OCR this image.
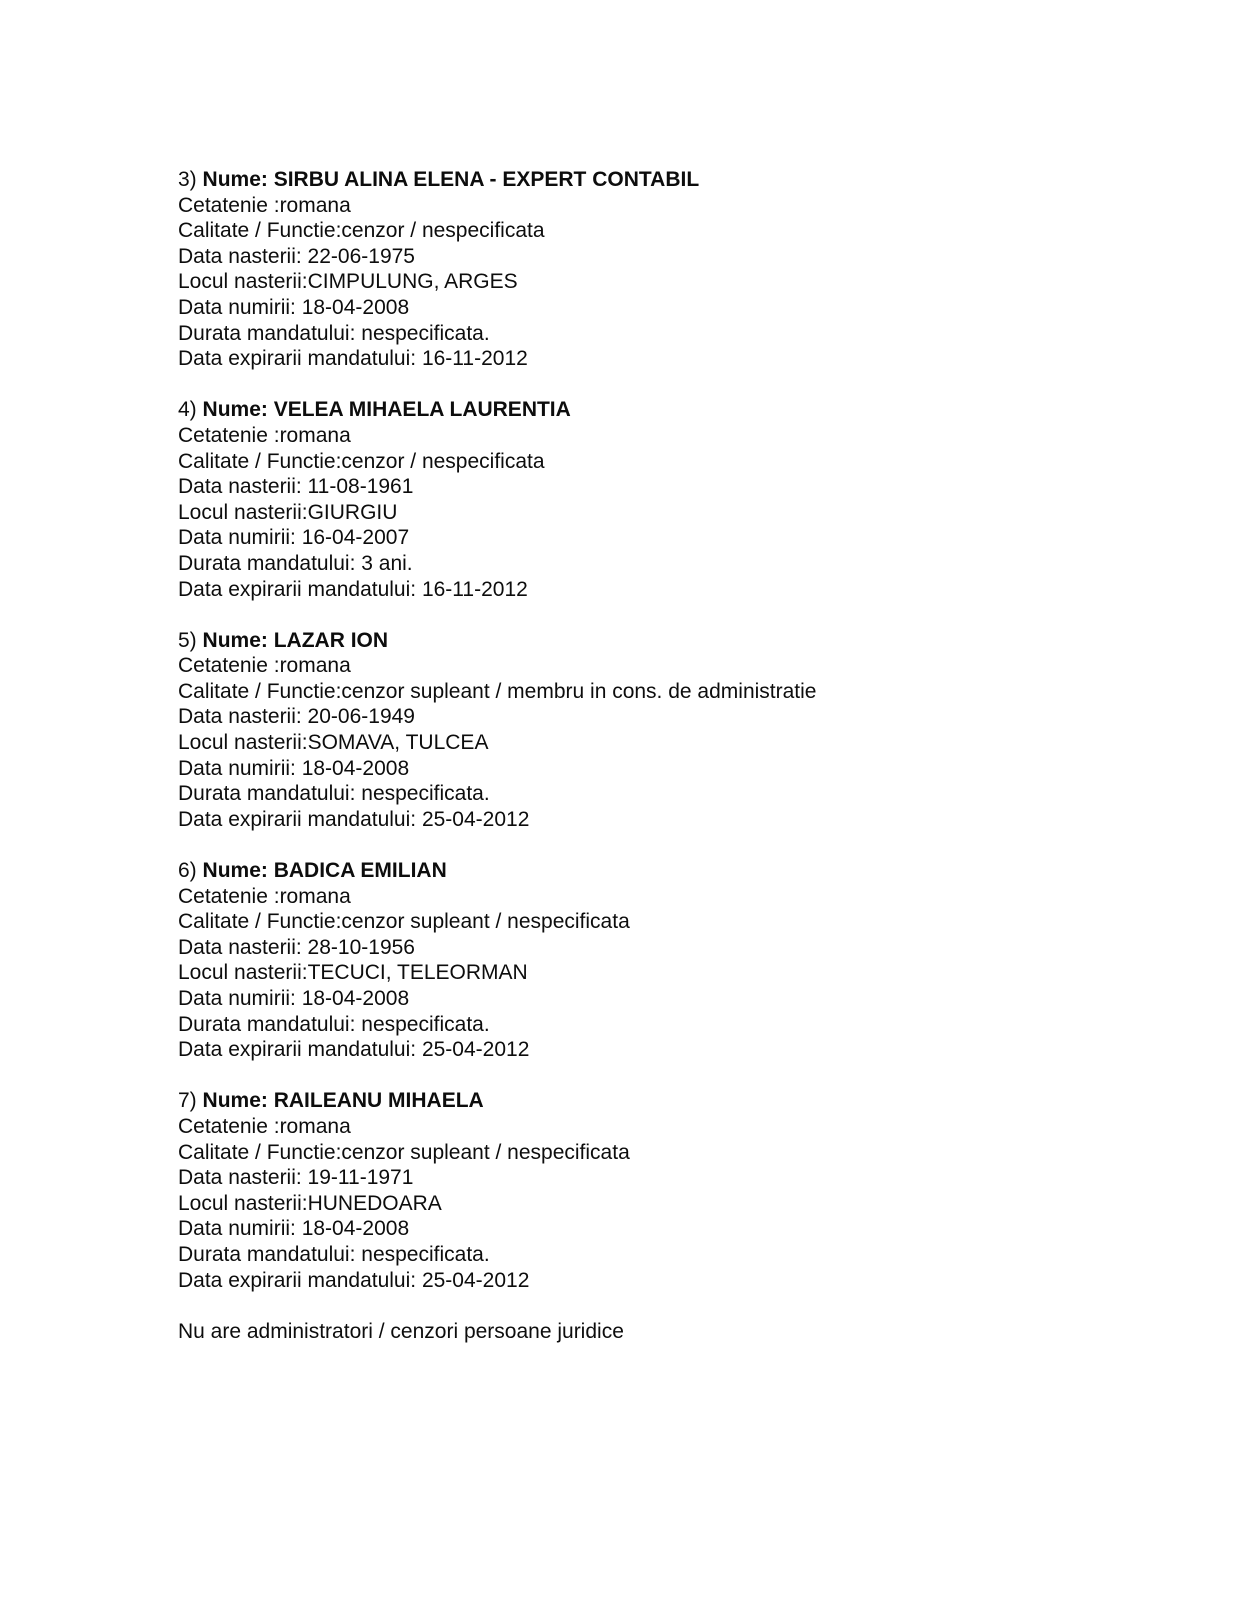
3) Nume: SIRBU ALINA ELENA - EXPERT CONTABIL

Cetatenie :romana

Calitate / Functie:cenzor / nespecificata

Data nasterii: 22-06-1975

Locul nasterii:CIMPULUNG, ARGES

Data numirii: 18-04-2008

Durata mandatului: nespecificata.

Data expirarii mandatului: 16-11-2012

4) Nume: VELEA MIHAELA LAURENTIA

Cetatenie :romana

Calitate / Functie:cenzor / nespecificata

Data nasterii: 11-08-1961

Locul nasterii:GIURGIU

Data numirii: 16-04-2007

Durata mandatului: 3 ani.

Data expirarii mandatului: 16-11-2012

5) Nume: LAZAR ION

Cetatenie :romana

Calitate / Functie:cenzor supleant / membru in cons. de administratie

Data nasterii: 20-06-1949

Locul nasterii:SOMAVA, TULCEA

Data numirii: 18-04-2008

Durata mandatului: nespecificata.

Data expirarii mandatului: 25-04-2012

6) Nume: BADICA EMILIAN

Cetatenie :romana

Calitate / Functie:cenzor supleant / nespecificata

Data nasterii: 28-10-1956

Locul nasterii:TECUCI, TELEORMAN

Data numirii: 18-04-2008

Durata mandatului: nespecificata.

Data expirarii mandatului: 25-04-2012

7) Nume: RAILEANU MIHAELA

Cetatenie :romana

Calitate / Functie:cenzor supleant / nespecificata

Data nasterii: 19-11-1971

Locul nasterii:HUNEDOARA

Data numirii: 18-04-2008

Durata mandatului: nespecificata.

Data expirarii mandatului: 25-04-2012

Nu are administratori / cenzori persoane juridice
